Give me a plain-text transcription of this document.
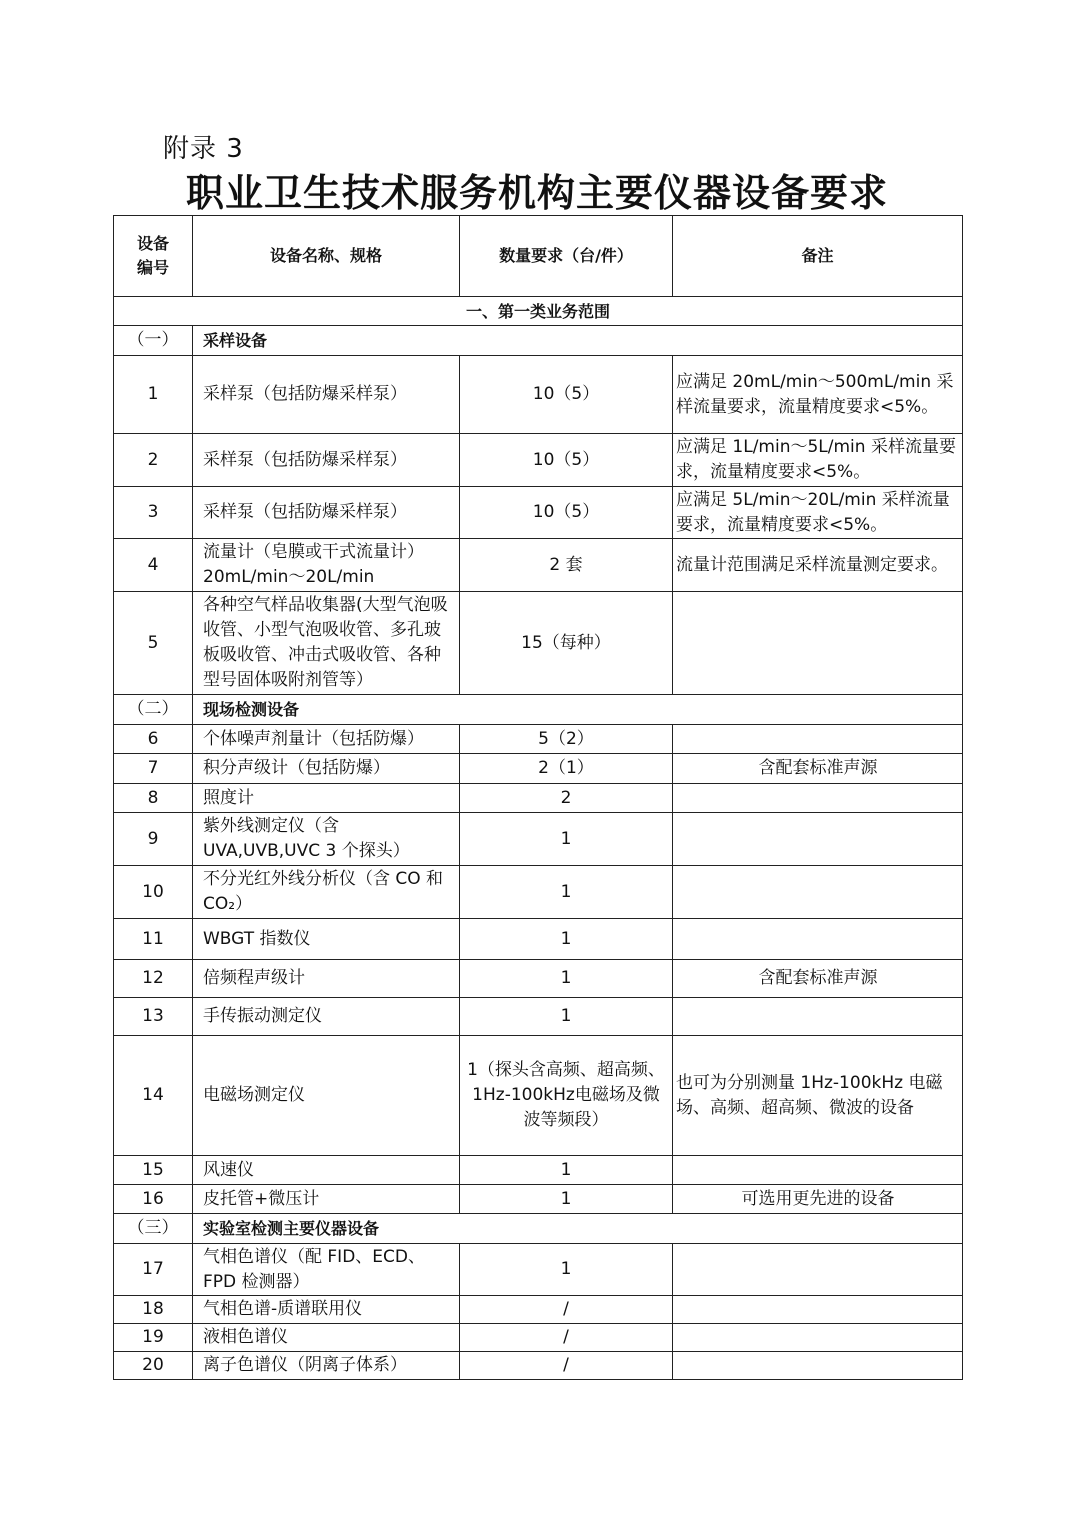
附录 3
职业卫生技术服务机构主要仪器设备要求
设备
编号	设备名称、规格	数量要求（台/件）	备注
一、第一类业务范围			
（一）	采样设备		
1	采样泵（包括防爆采样泵）	10（5）	应满足 20mL/min～500mL/min 采样流量要求，流量精度要求<5%。
2	采样泵（包括防爆采样泵）	10（5）	应满足 1L/min～5L/min 采样流量要求，流量精度要求<5%。
3	采样泵（包括防爆采样泵）	10（5）	应满足 5L/min～20L/min 采样流量要求，流量精度要求<5%。
4	流量计（皂膜或干式流量计）20mL/min～20L/min	2 套	流量计范围满足采样流量测定要求。
5	各种空气样品收集器(大型气泡吸收管、小型气泡吸收管、多孔玻板吸收管、冲击式吸收管、各种型号固体吸附剂管等）	15（每种）	
（二）	现场检测设备		
6	个体噪声剂量计（包括防爆）	5（2）	
7	积分声级计（包括防爆）	2（1）	含配套标准声源
8	照度计	2	
9	紫外线测定仪（含 UVA,UVB,UVC 3 个探头）	1	
10	不分光红外线分析仪（含 CO 和 CO₂）	1	
11	WBGT 指数仪	1	
12	倍频程声级计	1	含配套标准声源
13	手传振动测定仪	1	
14	电磁场测定仪	1（探头含高频、超高频、1Hz-100kHz电磁场及微波等频段）	也可为分别测量 1Hz-100kHz 电磁场、高频、超高频、微波的设备
15	风速仪	1	
16	皮托管+微压计	1	可选用更先进的设备
（三）	实验室检测主要仪器设备		
17	气相色谱仪（配 FID、ECD、FPD 检测器）	1	
18	气相色谱-质谱联用仪	/	
19	液相色谱仪	/	
20	离子色谱仪（阴离子体系）	/	
